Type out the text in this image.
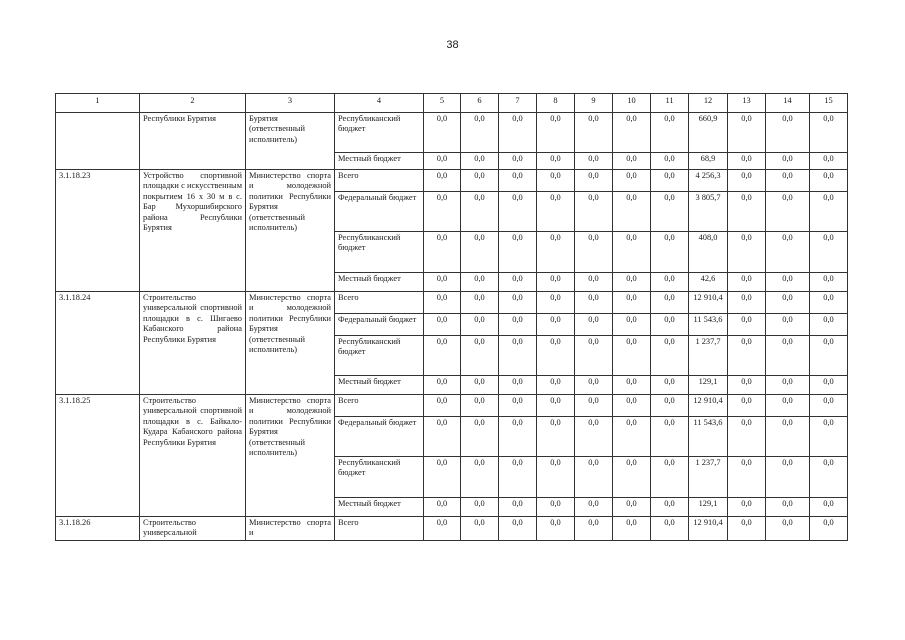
38
1	2	3	4	5	6	7	8	9	10	11	12	13	14	15
	Республики Бурятия	Бурятия (ответственный исполнитель)	Республиканский бюджет	0,0	0,0	0,0	0,0	0,0	0,0	0,0	660,9	0,0	0,0	0,0
			Местный бюджет	0,0	0,0	0,0	0,0	0,0	0,0	0,0	68,9	0,0	0,0	0,0
3.1.18.23	Устройство спортивной площадки с искусственным покрытием 16 х 30 м в с. Бар Мухоршибирского района Республики Бурятия	Министерство спорта и молодежной политики Республики Бурятия (ответственный исполнитель)	Всего	0,0	0,0	0,0	0,0	0,0	0,0	0,0	4 256,3	0,0	0,0	0,0
			Федеральный бюджет	0,0	0,0	0,0	0,0	0,0	0,0	0,0	3 805,7	0,0	0,0	0,0
			Республиканский бюджет	0,0	0,0	0,0	0,0	0,0	0,0	0,0	408,0	0,0	0,0	0,0
			Местный бюджет	0,0	0,0	0,0	0,0	0,0	0,0	0,0	42,6	0,0	0,0	0,0
3.1.18.24	Строительство универсальной спортивной площадки в с. Шигаево Кабанского района Республики Бурятия	Министерство спорта и молодежной политики Республики Бурятия (ответственный исполнитель)	Всего	0,0	0,0	0,0	0,0	0,0	0,0	0,0	12 910,4	0,0	0,0	0,0
			Федеральный бюджет	0,0	0,0	0,0	0,0	0,0	0,0	0,0	11 543,6	0,0	0,0	0,0
			Республиканский бюджет	0,0	0,0	0,0	0,0	0,0	0,0	0,0	1 237,7	0,0	0,0	0,0
			Местный бюджет	0,0	0,0	0,0	0,0	0,0	0,0	0,0	129,1	0,0	0,0	0,0
3.1.18.25	Строительство универсальной спортивной площадки в с. Байкало-Кудара Кабанского района Республики Бурятия	Министерство спорта и молодежной политики Республики Бурятия (ответственный исполнитель)	Всего	0,0	0,0	0,0	0,0	0,0	0,0	0,0	12 910,4	0,0	0,0	0,0
			Федеральный бюджет	0,0	0,0	0,0	0,0	0,0	0,0	0,0	11 543,6	0,0	0,0	0,0
			Республиканский бюджет	0,0	0,0	0,0	0,0	0,0	0,0	0,0	1 237,7	0,0	0,0	0,0
			Местный бюджет	0,0	0,0	0,0	0,0	0,0	0,0	0,0	129,1	0,0	0,0	0,0
3.1.18.26	Строительство универсальной	Министерство спорта и	Всего	0,0	0,0	0,0	0,0	0,0	0,0	0,0	12 910,4	0,0	0,0	0,0
